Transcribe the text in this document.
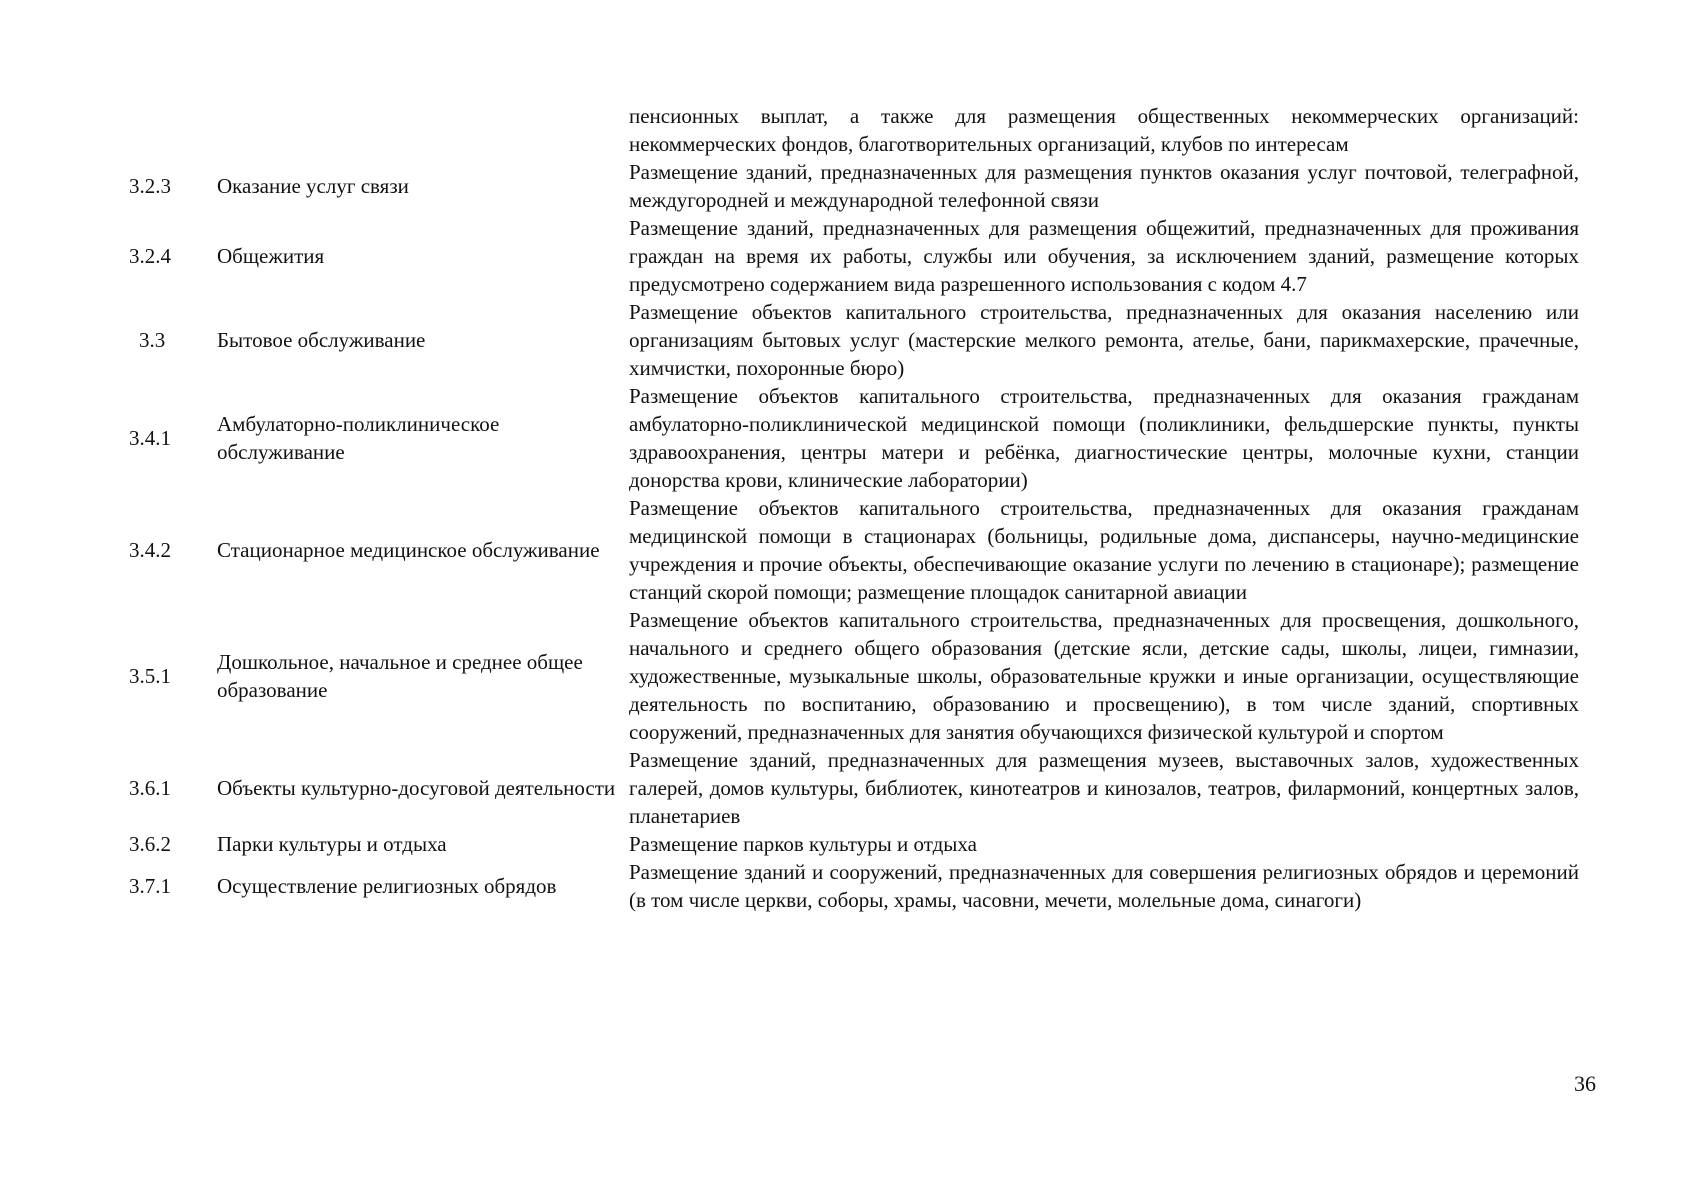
		пенсионных выплат, а также для размещения общественных некоммерческих организаций: некоммерческих фондов, благотворительных организаций, клубов по интересам
3.2.3	Оказание услуг связи	Размещение зданий, предназначенных для размещения пунктов оказания услуг почтовой, телеграфной, междугородней и международной телефонной связи
3.2.4	Общежития	Размещение зданий, предназначенных для размещения общежитий, предназначенных для проживания граждан на время их работы, службы или обучения, за исключением зданий, размещение которых предусмотрено содержанием вида разрешенного использования с кодом 4.7
3.3	Бытовое обслуживание	Размещение объектов капитального строительства, предназначенных для оказания населению или организациям бытовых услуг (мастерские мелкого ремонта, ателье, бани, парикмахерские, прачечные, химчистки, похоронные бюро)
3.4.1	Амбулаторно-поликлиническое обслуживание	Размещение объектов капитального строительства, предназначенных для оказания гражданам амбулаторно-поликлинической медицинской помощи (поликлиники, фельдшерские пункты, пункты здравоохранения, центры матери и ребёнка, диагностические центры, молочные кухни, станции донорства крови, клинические лаборатории)
3.4.2	Стационарное медицинское обслуживание	Размещение объектов капитального строительства, предназначенных для оказания гражданам медицинской помощи в стационарах (больницы, родильные дома, диспансеры, научно-медицинские учреждения и прочие объекты, обеспечивающие оказание услуги по лечению в стационаре); размещение станций скорой помощи; размещение площадок санитарной авиации
3.5.1	Дошкольное, начальное и среднее общее образование	Размещение объектов капитального строительства, предназначенных для просвещения, дошкольного, начального и среднего общего образования (детские ясли, детские сады, школы, лицеи, гимназии, художественные, музыкальные школы, образовательные кружки и иные организации, осуществляющие деятельность по воспитанию, образованию и просвещению), в том числе зданий, спортивных сооружений, предназначенных для занятия обучающихся физической культурой и спортом
3.6.1	Объекты культурно-досуговой деятельности	Размещение зданий, предназначенных для размещения музеев, выставочных залов, художественных галерей, домов культуры, библиотек, кинотеатров и кинозалов, театров, филармоний, концертных залов, планетариев
3.6.2	Парки культуры и отдыха	Размещение парков культуры и отдыха
3.7.1	Осуществление религиозных обрядов	Размещение зданий и сооружений, предназначенных для совершения религиозных обрядов и церемоний (в том числе церкви, соборы, храмы, часовни, мечети, молельные дома, синагоги)
36
